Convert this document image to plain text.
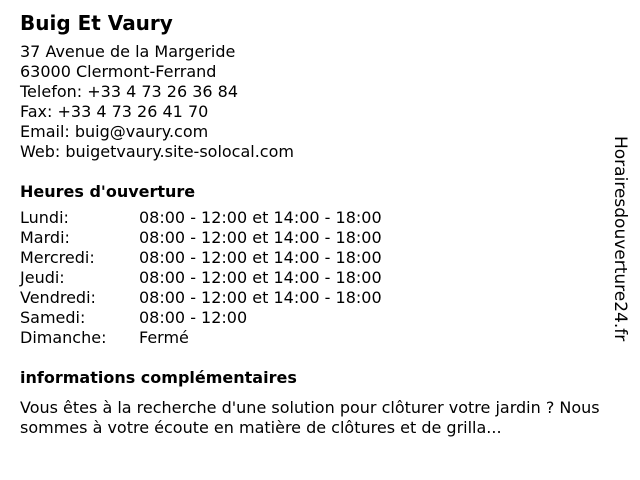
Buig Et Vaury
37 Avenue de la Margeride
63000 Clermont-Ferrand
Telefon: +33 4 73 26 36 84
Fax: +33 4 73 26 41 70
Email: buig@vaury.com
Web: buigetvaury.site-solocal.com
Heures d'ouverture
Lundi:	08:00 - 12:00 et 14:00 - 18:00
Mardi:	08:00 - 12:00 et 14:00 - 18:00
Mercredi:	08:00 - 12:00 et 14:00 - 18:00
Jeudi:	08:00 - 12:00 et 14:00 - 18:00
Vendredi:	08:00 - 12:00 et 14:00 - 18:00
Samedi:	08:00 - 12:00
Dimanche:	Fermé
informations complémentaires
Vous êtes à la recherche d'une solution pour clôturer votre jardin ? Nous sommes à votre écoute en matière de clôtures et de grilla...
Horairesdouverture24.fr
